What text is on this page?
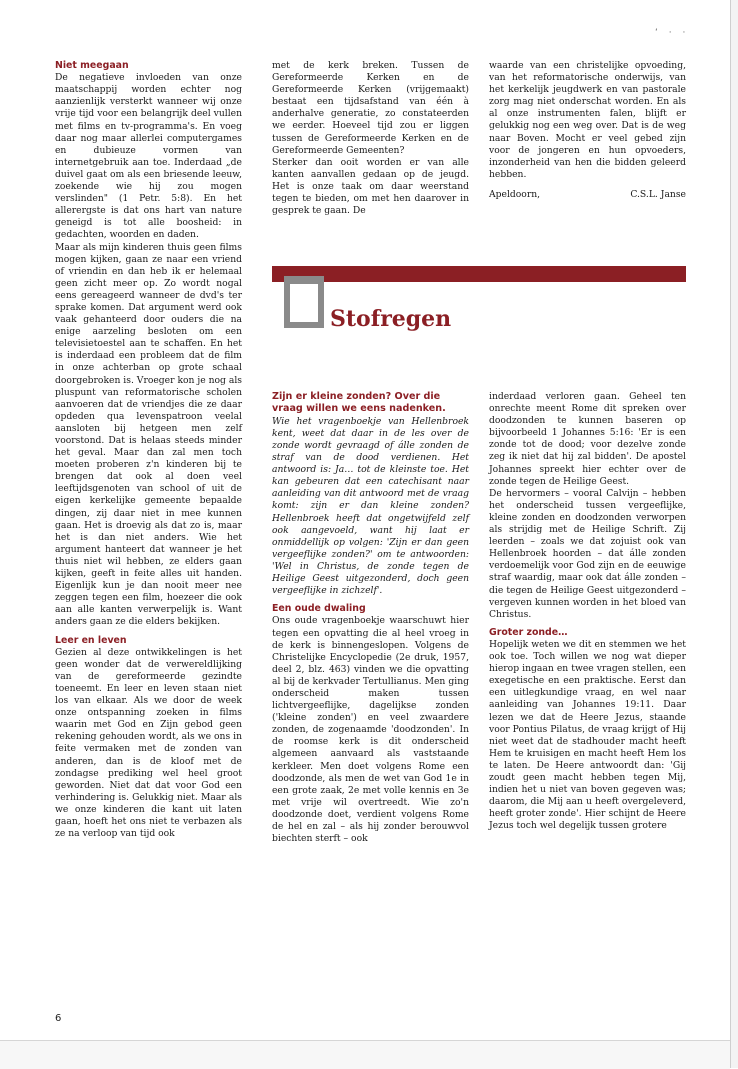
ʻ · ·

Niet meegaan

De negatieve invloeden van onze maatschappij worden echter nog aanzienlijk versterkt wanneer wij onze vrije tijd voor een belangrijk deel vullen met films en tv-programma's. En voeg daar nog maar allerlei computergames en dubieuze vormen van internetgebruik aan toe. Inderdaad „de duivel gaat om als een briesende leeuw, zoekende wie hij zou mogen verslinden" (1 Petr. 5:8). En het allerergste is dat ons hart van nature geneigd is tot alle boosheid: in gedachten, woorden en daden.

Maar als mijn kinderen thuis geen films mogen kijken, gaan ze naar een vriend of vriendin en dan heb ik er helemaal geen zicht meer op. Zo wordt nogal eens gereageerd wanneer de dvd's ter sprake komen. Dat argument werd ook vaak gehanteerd door ouders die na enige aarzeling besloten om een televisietoestel aan te schaffen. En het is inderdaad een probleem dat de film in onze achterban op grote schaal doorgebroken is. Vroeger kon je nog als pluspunt van reformatorische scholen aanvoeren dat de vriendjes die ze daar opdeden qua levenspatroon veelal aansloten bij hetgeen men zelf voorstond. Dat is helaas steeds minder het geval. Maar dan zal men toch moeten proberen z'n kinderen bij te brengen dat ook al doen veel leeftijdsgenoten van school of uit de eigen kerkelijke gemeente bepaalde dingen, zij daar niet in mee kunnen gaan. Het is droevig als dat zo is, maar het is dan niet anders. Wie het argument hanteert dat wanneer je het thuis niet wil hebben, ze elders gaan kijken, geeft in feite alles uit handen. Eigenlijk kun je dan nooit meer nee zeggen tegen een film, hoezeer die ook aan alle kanten verwerpelijk is. Want anders gaan ze die elders bekijken.

Leer en leven

Gezien al deze ontwikkelingen is het geen wonder dat de verwereldlijking van de gereformeerde gezindte toeneemt. En leer en leven staan niet los van elkaar. Als we door de week onze ontspanning zoeken in films waarin met God en Zijn gebod geen rekening gehouden wordt, als we ons in feite vermaken met de zonden van anderen, dan is de kloof met de zondagse prediking wel heel groot geworden. Niet dat dat voor God een verhindering is. Gelukkig niet. Maar als we onze kinderen die kant uit laten gaan, hoeft het ons niet te verbazen als ze na verloop van tijd ook

met de kerk breken. Tussen de Gereformeerde Kerken en de Gereformeerde Kerken (vrijgemaakt) bestaat een tijdsafstand van één à anderhalve generatie, zo constateerden we eerder. Hoeveel tijd zou er liggen tussen de Gereformeerde Kerken en de Gereformeerde Gemeenten?

Sterker dan ooit worden er van alle kanten aanvallen gedaan op de jeugd. Het is onze taak om daar weerstand tegen te bieden, om met hen daarover in gesprek te gaan. De

waarde van een christelijke opvoeding, van het reformatorische onderwijs, van het kerkelijk jeugdwerk en van pastorale zorg mag niet onderschat worden. En als al onze instrumenten falen, blijft er gelukkig nog een weg over. Dat is de weg naar Boven. Mocht er veel gebed zijn voor de jongeren en hun opvoeders, inzonderheid van hen die bidden geleerd hebben.

Apeldoorn,	C.S.L. Janse
Stofregen

Zijn er kleine zonden? Over die vraag willen we eens nadenken.

Wie het vragenboekje van Hellenbroek kent, weet dat daar in de les over de zonde wordt gevraagd of álle zonden de straf van de dood verdienen. Het antwoord is: Ja… tot de kleinste toe. Het kan gebeuren dat een catechisant naar aanleiding van dit antwoord met de vraag komt: zijn er dan kleine zonden? Hellenbroek heeft dat ongetwijfeld zelf ook aangevoeld, want hij laat er onmiddellijk op volgen: 'Zijn er dan geen vergeeflijke zonden?' om te antwoorden: 'Wel in Christus, de zonde tegen de Heilige Geest uitgezonderd, doch geen vergeeflijke in zichzelf'.

Een oude dwaling

Ons oude vragenboekje waarschuwt hier tegen een opvatting die al heel vroeg in de kerk is binnengeslopen. Volgens de Christelijke Encyclopedie (2e druk, 1957, deel 2, blz. 463) vinden we die opvatting al bij de kerkvader Tertullianus. Men ging onderscheid maken tussen lichtvergeeflijke, dagelijkse zonden ('kleine zonden') en veel zwaardere zonden, de zogenaamde 'doodzonden'. In de roomse kerk is dit onderscheid algemeen aanvaard als vaststaande kerkleer. Men doet volgens Rome een doodzonde, als men de wet van God 1e in een grote zaak, 2e met volle kennis en 3e met vrije wil overtreedt. Wie zo'n doodzonde doet, verdient volgens Rome de hel en zal – als hij zonder berouwvol biechten sterft – ook

inderdaad verloren gaan. Geheel ten onrechte meent Rome dit spreken over doodzonden te kunnen baseren op bijvoorbeeld 1 Johannes 5:16: 'Er is een zonde tot de dood; voor dezelve zonde zeg ik niet dat hij zal bidden'. De apostel Johannes spreekt hier echter over de zonde tegen de Heilige Geest.

De hervormers – vooral Calvijn – hebben het onderscheid tussen vergeeflijke, kleine zonden en doodzonden verworpen als strijdig met de Heilige Schrift. Zij leerden – zoals we dat zojuist ook van Hellenbroek hoorden – dat álle zonden verdoemelijk voor God zijn en de eeuwige straf waardig, maar ook dat álle zonden – die tegen de Heilige Geest uitgezonderd – vergeven kunnen worden in het bloed van Christus.

Groter zonde…

Hopelijk weten we dit en stemmen we het ook toe. Toch willen we nog wat dieper hierop ingaan en twee vragen stellen, een exegetische en een praktische. Eerst dan een uitlegkundige vraag, en wel naar aanleiding van Johannes 19:11. Daar lezen we dat de Heere Jezus, staande voor Pontius Pilatus, de vraag krijgt of Hij niet weet dat de stadhouder macht heeft Hem te kruisigen en macht heeft Hem los te laten. De Heere antwoordt dan: 'Gij zoudt geen macht hebben tegen Mij, indien het u niet van boven gegeven was; daarom, die Mij aan u heeft overgeleverd, heeft groter zonde'. Hier schijnt de Heere Jezus toch wel degelijk tussen grotere

6
